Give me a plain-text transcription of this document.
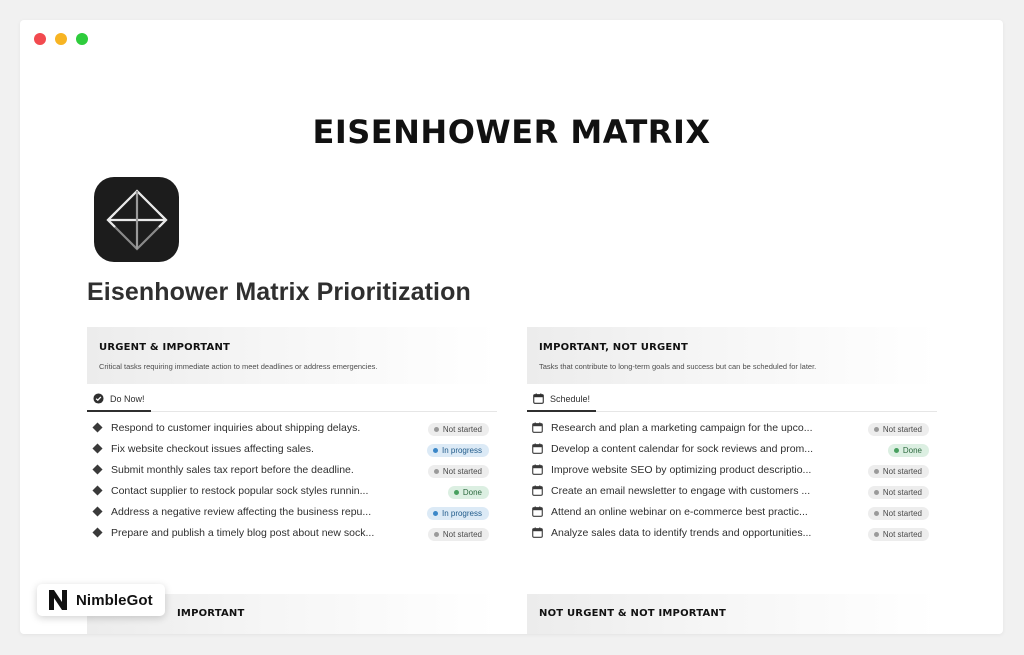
EISENHOWER MATRIX
Eisenhower Matrix Prioritization
URGENT & IMPORTANT
Critical tasks requiring immediate action to meet deadlines or address emergencies.
Do Now!
Respond to customer inquiries about shipping delays.	Not started
Fix website checkout issues affecting sales.	In progress
Submit monthly sales tax report before the deadline.	Not started
Contact supplier to restock popular sock styles runnin...	Done
Address a negative review affecting the business repu...	In progress
Prepare and publish a timely blog post about new sock...	Not started
IMPORTANT, NOT URGENT
Tasks that contribute to long-term goals and success but can be scheduled for later.
Schedule!
Research and plan a marketing campaign for the upco...	Not started
Develop a content calendar for sock reviews and prom...	Done
Improve website SEO by optimizing product descriptio...	Not started
Create an email newsletter to engage with customers ...	Not started
Attend an online webinar on e-commerce best practic...	Not started
Analyze sales data to identify trends and opportunities...	Not started
IMPORTANT	NOT URGENT & NOT IMPORTANT
NimbleGot
